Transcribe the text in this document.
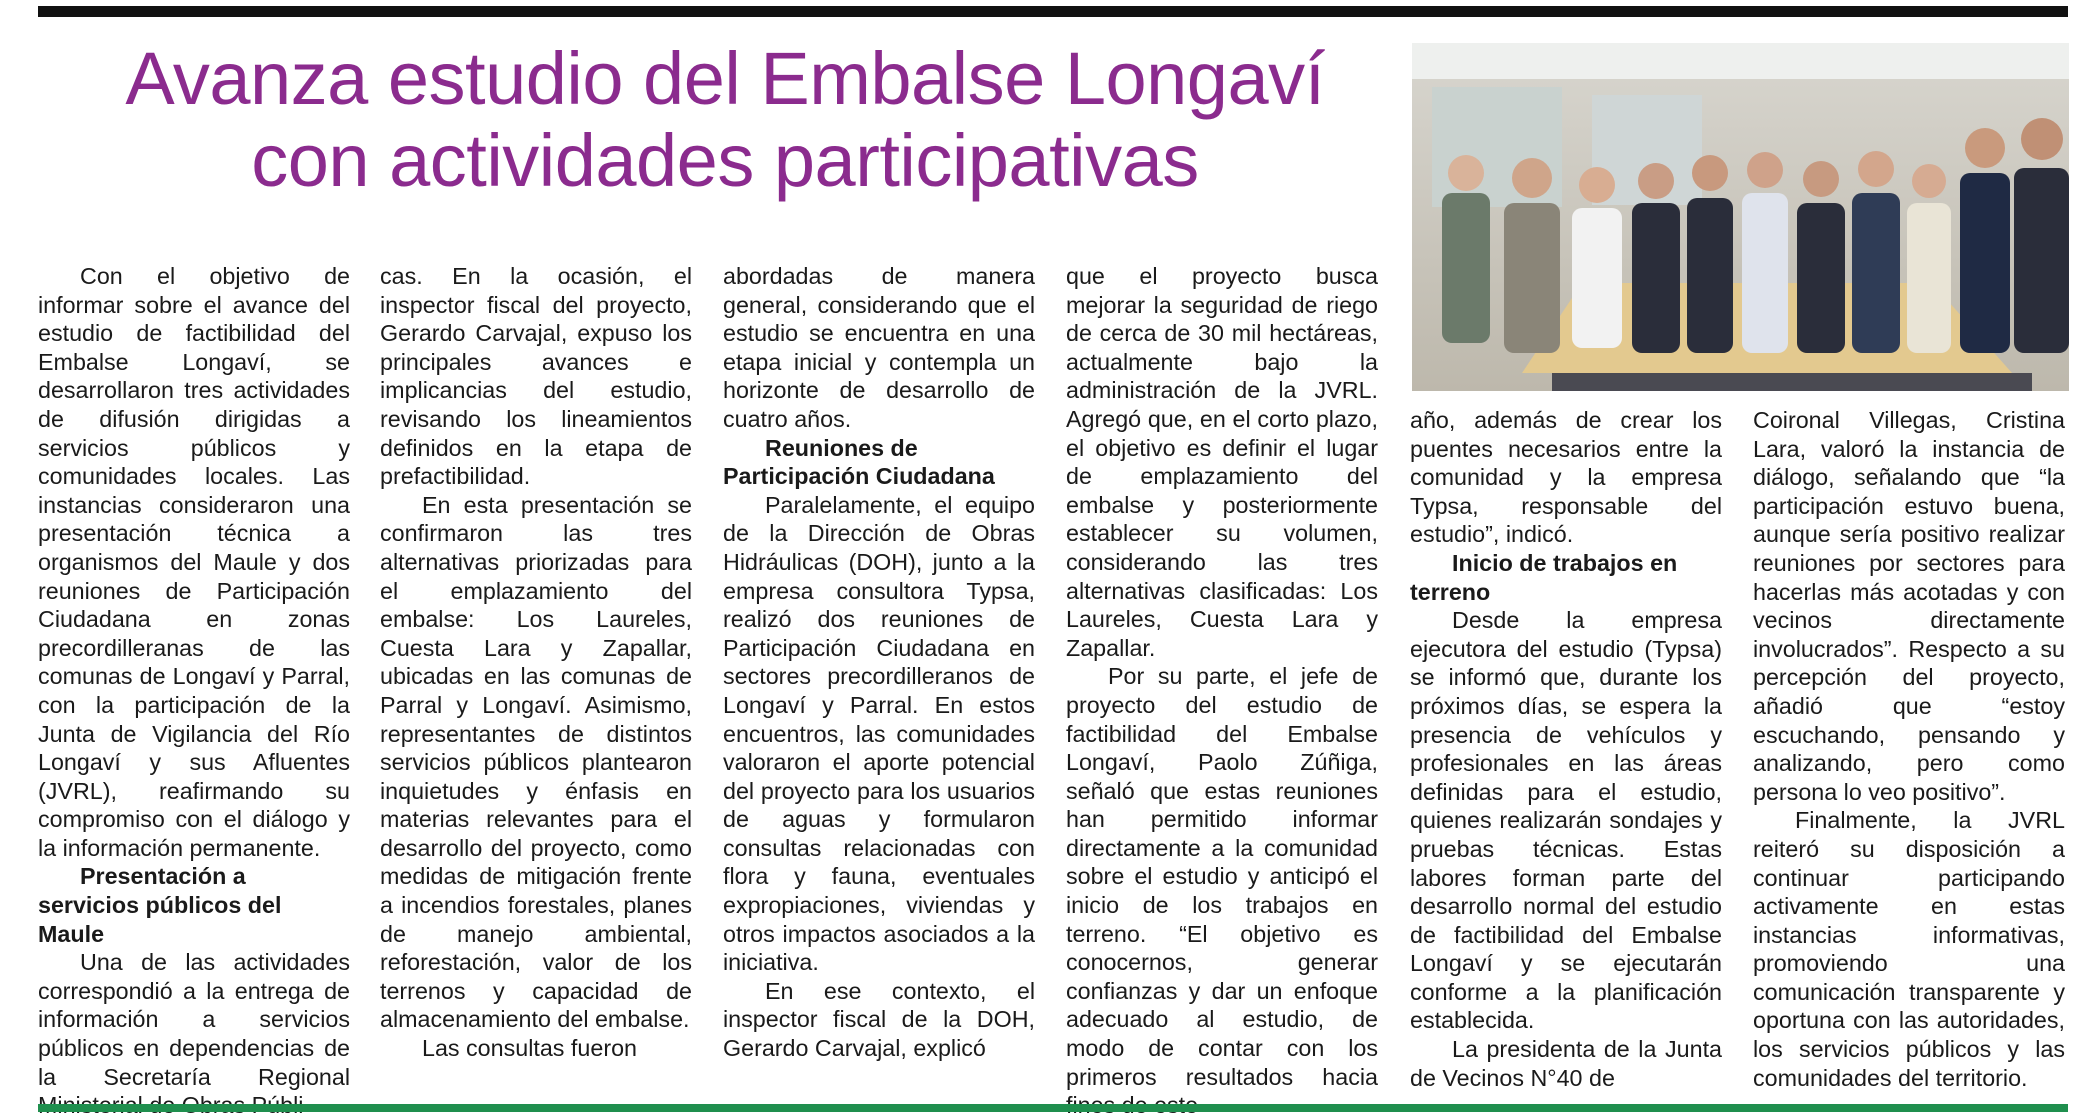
Avanza estudio del Embalse Longaví
con actividades participativas

Con el objetivo de informar sobre el avance del estudio de factibilidad del Embalse Longaví, se desarrollaron tres actividades de difusión dirigidas a servicios públicos y comunidades locales. Las instancias consideraron una presentación técnica a organismos del Maule y dos reuniones de Participación Ciudadana en zonas precordilleranas de las comunas de Longaví y Parral, con la participación de la Junta de Vigilancia del Río Longaví y sus Afluentes (JVRL), reafirmando su compromiso con el diálogo y la información permanente.

Presentación a servicios públicos del Maule

Una de las actividades correspondió a la entrega de información a servicios públicos en dependencias de la Secretaría Regional

cas. En la ocasión, el inspector fiscal del proyecto, Gerardo Carvajal, expuso los principales avances e implicancias del estudio, revisando los lineamientos definidos en la etapa de prefactibilidad.

En esta presentación se confirmaron las tres alternativas priorizadas para el emplazamiento del embalse: Los Laureles, Cuesta Lara y Zapallar, ubicadas en las comunas de Parral y Longaví. Asimismo, representantes de distintos servicios públicos plantearon inquietudes y énfasis en materias relevantes para el desarrollo del proyecto, como medidas de mitigación frente a incendios forestales, planes de manejo ambiental, reforestación, valor de los terrenos y capacidad de almacenamiento del embalse.

Las consultas fueron

abordadas de manera general, considerando que el estudio se encuentra en una etapa inicial y contempla un horizonte de desarrollo de cuatro años.

Reuniones de Participación Ciudadana

Paralelamente, el equipo de la Dirección de Obras Hidráulicas (DOH), junto a la empresa consultora Typsa, realizó dos reuniones de Participación Ciudadana en sectores precordilleranos de Longaví y Parral. En estos encuentros, las comunidades valoraron el aporte potencial del proyecto para los usuarios de aguas y formularon consultas relacionadas con flora y fauna, eventuales expropiaciones, viviendas y otros impactos asociados a la iniciativa.

En ese contexto, el inspector fiscal de la DOH, Gerardo Carvajal, explicó

que el proyecto busca mejorar la seguridad de riego de cerca de 30 mil hectáreas, actualmente bajo la administración de la JVRL. Agregó que, en el corto plazo, el objetivo es definir el lugar de emplazamiento del embalse y posteriormente establecer su volumen, considerando las tres alternativas clasificadas: Los Laureles, Cuesta Lara y Zapallar.

Por su parte, el jefe de proyecto del estudio de factibilidad del Embalse Longaví, Paolo Zúñiga, señaló que estas reuniones han permitido informar directamente a la comunidad sobre el estudio y anticipó el inicio de los trabajos en terreno. “El objetivo es conocernos, generar confianzas y dar un enfoque adecuado al estudio, de modo de contar con los primeros resultados hacia

año, además de crear los puentes necesarios entre la comunidad y la empresa Typsa, responsable del estudio”, indicó.

Inicio de trabajos en terreno

Desde la empresa ejecutora del estudio (Typsa) se informó que, durante los próximos días, se espera la presencia de vehículos y profesionales en las áreas definidas para el estudio, quienes realizarán sondajes y pruebas técnicas. Estas labores forman parte del desarrollo normal del estudio de factibilidad del Embalse Longaví y se ejecutarán conforme a la planificación establecida.

La presidenta de la Junta de Vecinos N°40 de

Coironal Villegas, Cristina Lara, valoró la instancia de diálogo, señalando que “la participación estuvo buena, aunque sería positivo realizar reuniones por sectores para hacerlas más acotadas y con vecinos directamente involucrados”. Respecto a su percepción del proyecto, añadió que “estoy escuchando, pensando y analizando, pero como persona lo veo positivo”.

Finalmente, la JVRL reiteró su disposición a continuar participando activamente en estas instancias informativas, promoviendo una comunicación transparente y oportuna con las autoridades, los servicios públicos y las comunidades del territorio.
